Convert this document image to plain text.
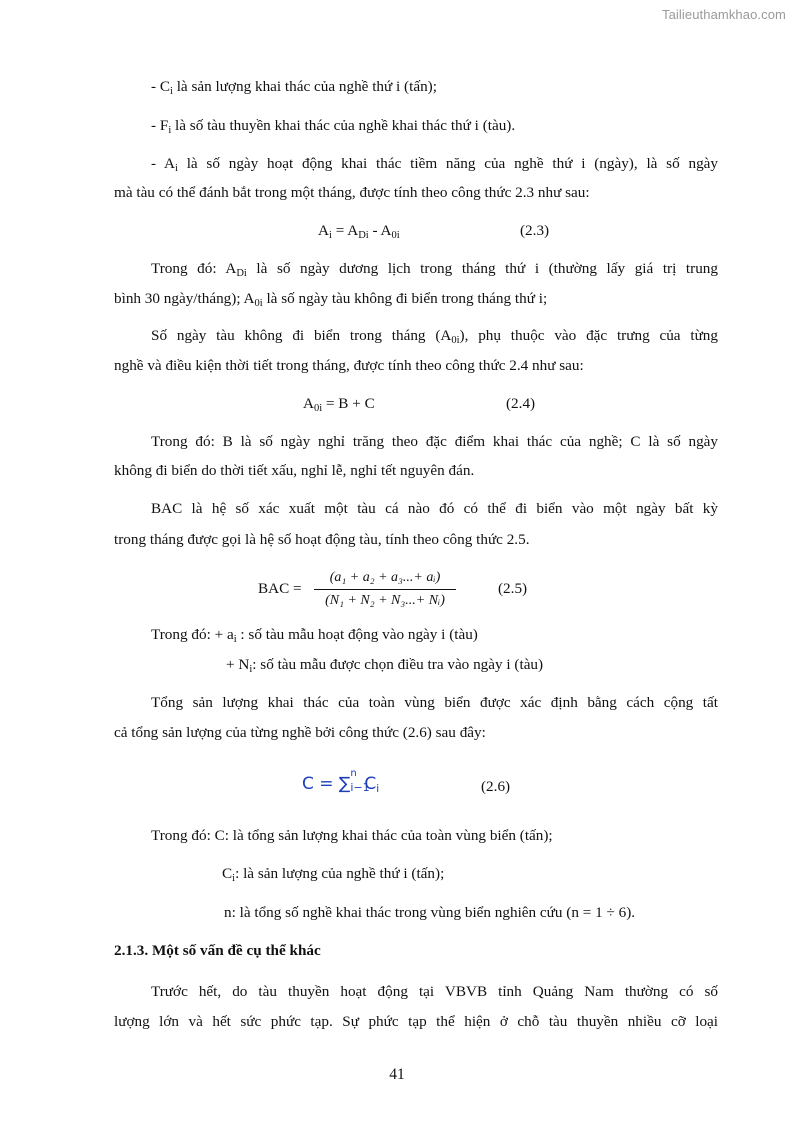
Tailieuthamkhao.com
- $C_i$ là sản lượng khai thác của nghề thứ i (tấn);
- $F_i$ là số tàu thuyền khai thác của nghề khai thác thứ i (tàu).
- $A_i$ là số ngày hoạt động khai thác tiềm năng của nghề thứ i (ngày), là số ngày
mà tàu có thể đánh bắt trong một tháng, được tính theo công thức 2.3 như sau:
$A_i = A_{Di} - A_{0i}$	(2.3)
Trong đó: $A_{Di}$ là số ngày dương lịch trong tháng thứ i (thường lấy giá trị trung
bình 30 ngày/tháng); $A_{0i}$ là số ngày tàu không đi biển trong tháng thứ i;
Số ngày tàu không đi biển trong tháng $(A_{0i})$, phụ thuộc vào đặc trưng của từng
nghề và điều kiện thời tiết trong tháng, được tính theo công thức 2.4 như sau:
$A_{0i} = B + C$	(2.4)
Trong đó: B là số ngày nghỉ trăng theo đặc điểm khai thác của nghề; C là số ngày
không đi biển do thời tiết xấu, nghỉ lễ, nghỉ tết nguyên đán.
BAC là hệ số xác xuất một tàu cá nào đó có thể đi biển vào một ngày bất kỳ
trong tháng được gọi là hệ số hoạt động tàu, tính theo công thức 2.5.
BAC =
(a₁ + a₂ + a₃...+ aᵢ)
(N₁ + N₂ + N₃...+ Nᵢ)
(2.5)
Trong đó: + $a_i$ : số tàu mẫu hoạt động vào ngày i (tàu)
+ $N_i$: số tàu mẫu được chọn điều tra vào ngày i (tàu)
Tổng sản lượng khai thác của toàn vùng biển được xác định bằng cách cộng tất
cả tổng sản lượng của từng nghề bởi công thức (2.6) sau đây:
C = ∑
n
i−1
$C_i$	(2.6)
Trong đó: C: là tổng sản lượng khai thác của toàn vùng biển (tấn);
$C_i$: là sản lượng của nghề thứ i (tấn);
n: là tổng số nghề khai thác trong vùng biển nghiên cứu (n = 1 ÷ 6).
2.1.3. Một số vấn đề cụ thể khác
Trước hết, do tàu thuyền hoạt động tại VBVB tỉnh Quảng Nam thường có số
lượng lớn và hết sức phức tạp. Sự phức tạp thể hiện ở chỗ tàu thuyền nhiều cỡ loại
41
